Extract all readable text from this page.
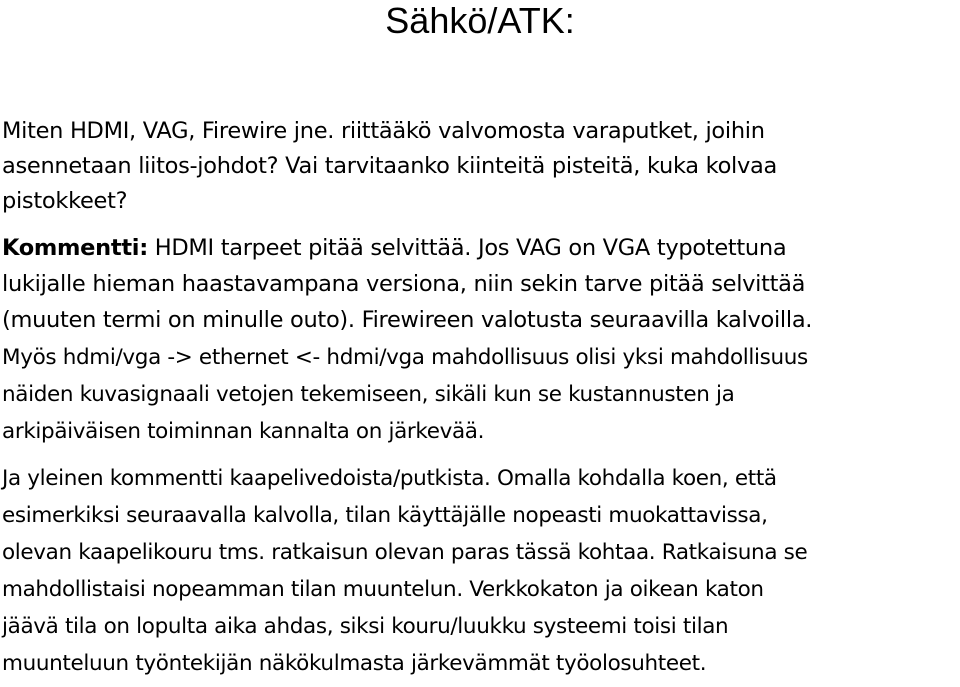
Sähkö/ATK:
Miten HDMI, VAG, Firewire jne. riittääkö valvomosta varaputket, joihin
asennetaan liitos-johdot? Vai tarvitaanko kiinteitä pisteitä, kuka kolvaa
pistokkeet?
Kommentti: HDMI tarpeet pitää selvittää. Jos VAG on VGA typotettuna
lukijalle hieman haastavampana versiona, niin sekin tarve pitää selvittää
(muuten termi on minulle outo). Firewireen valotusta seuraavilla kalvoilla.
Myös hdmi/vga -> ethernet <- hdmi/vga mahdollisuus olisi yksi mahdollisuus
näiden kuvasignaali vetojen tekemiseen, sikäli kun se kustannusten ja
arkipäiväisen toiminnan kannalta on järkevää.
Ja yleinen kommentti kaapelivedoista/putkista. Omalla kohdalla koen, että
esimerkiksi seuraavalla kalvolla, tilan käyttäjälle nopeasti muokattavissa,
olevan kaapelikouru tms. ratkaisun olevan paras tässä kohtaa. Ratkaisuna se
mahdollistaisi nopeamman tilan muuntelun. Verkkokaton ja oikean katon
jäävä tila on lopulta aika ahdas, siksi kouru/luukku systeemi toisi tilan
muunteluun työntekijän näkökulmasta järkevämmät työolosuhteet.
